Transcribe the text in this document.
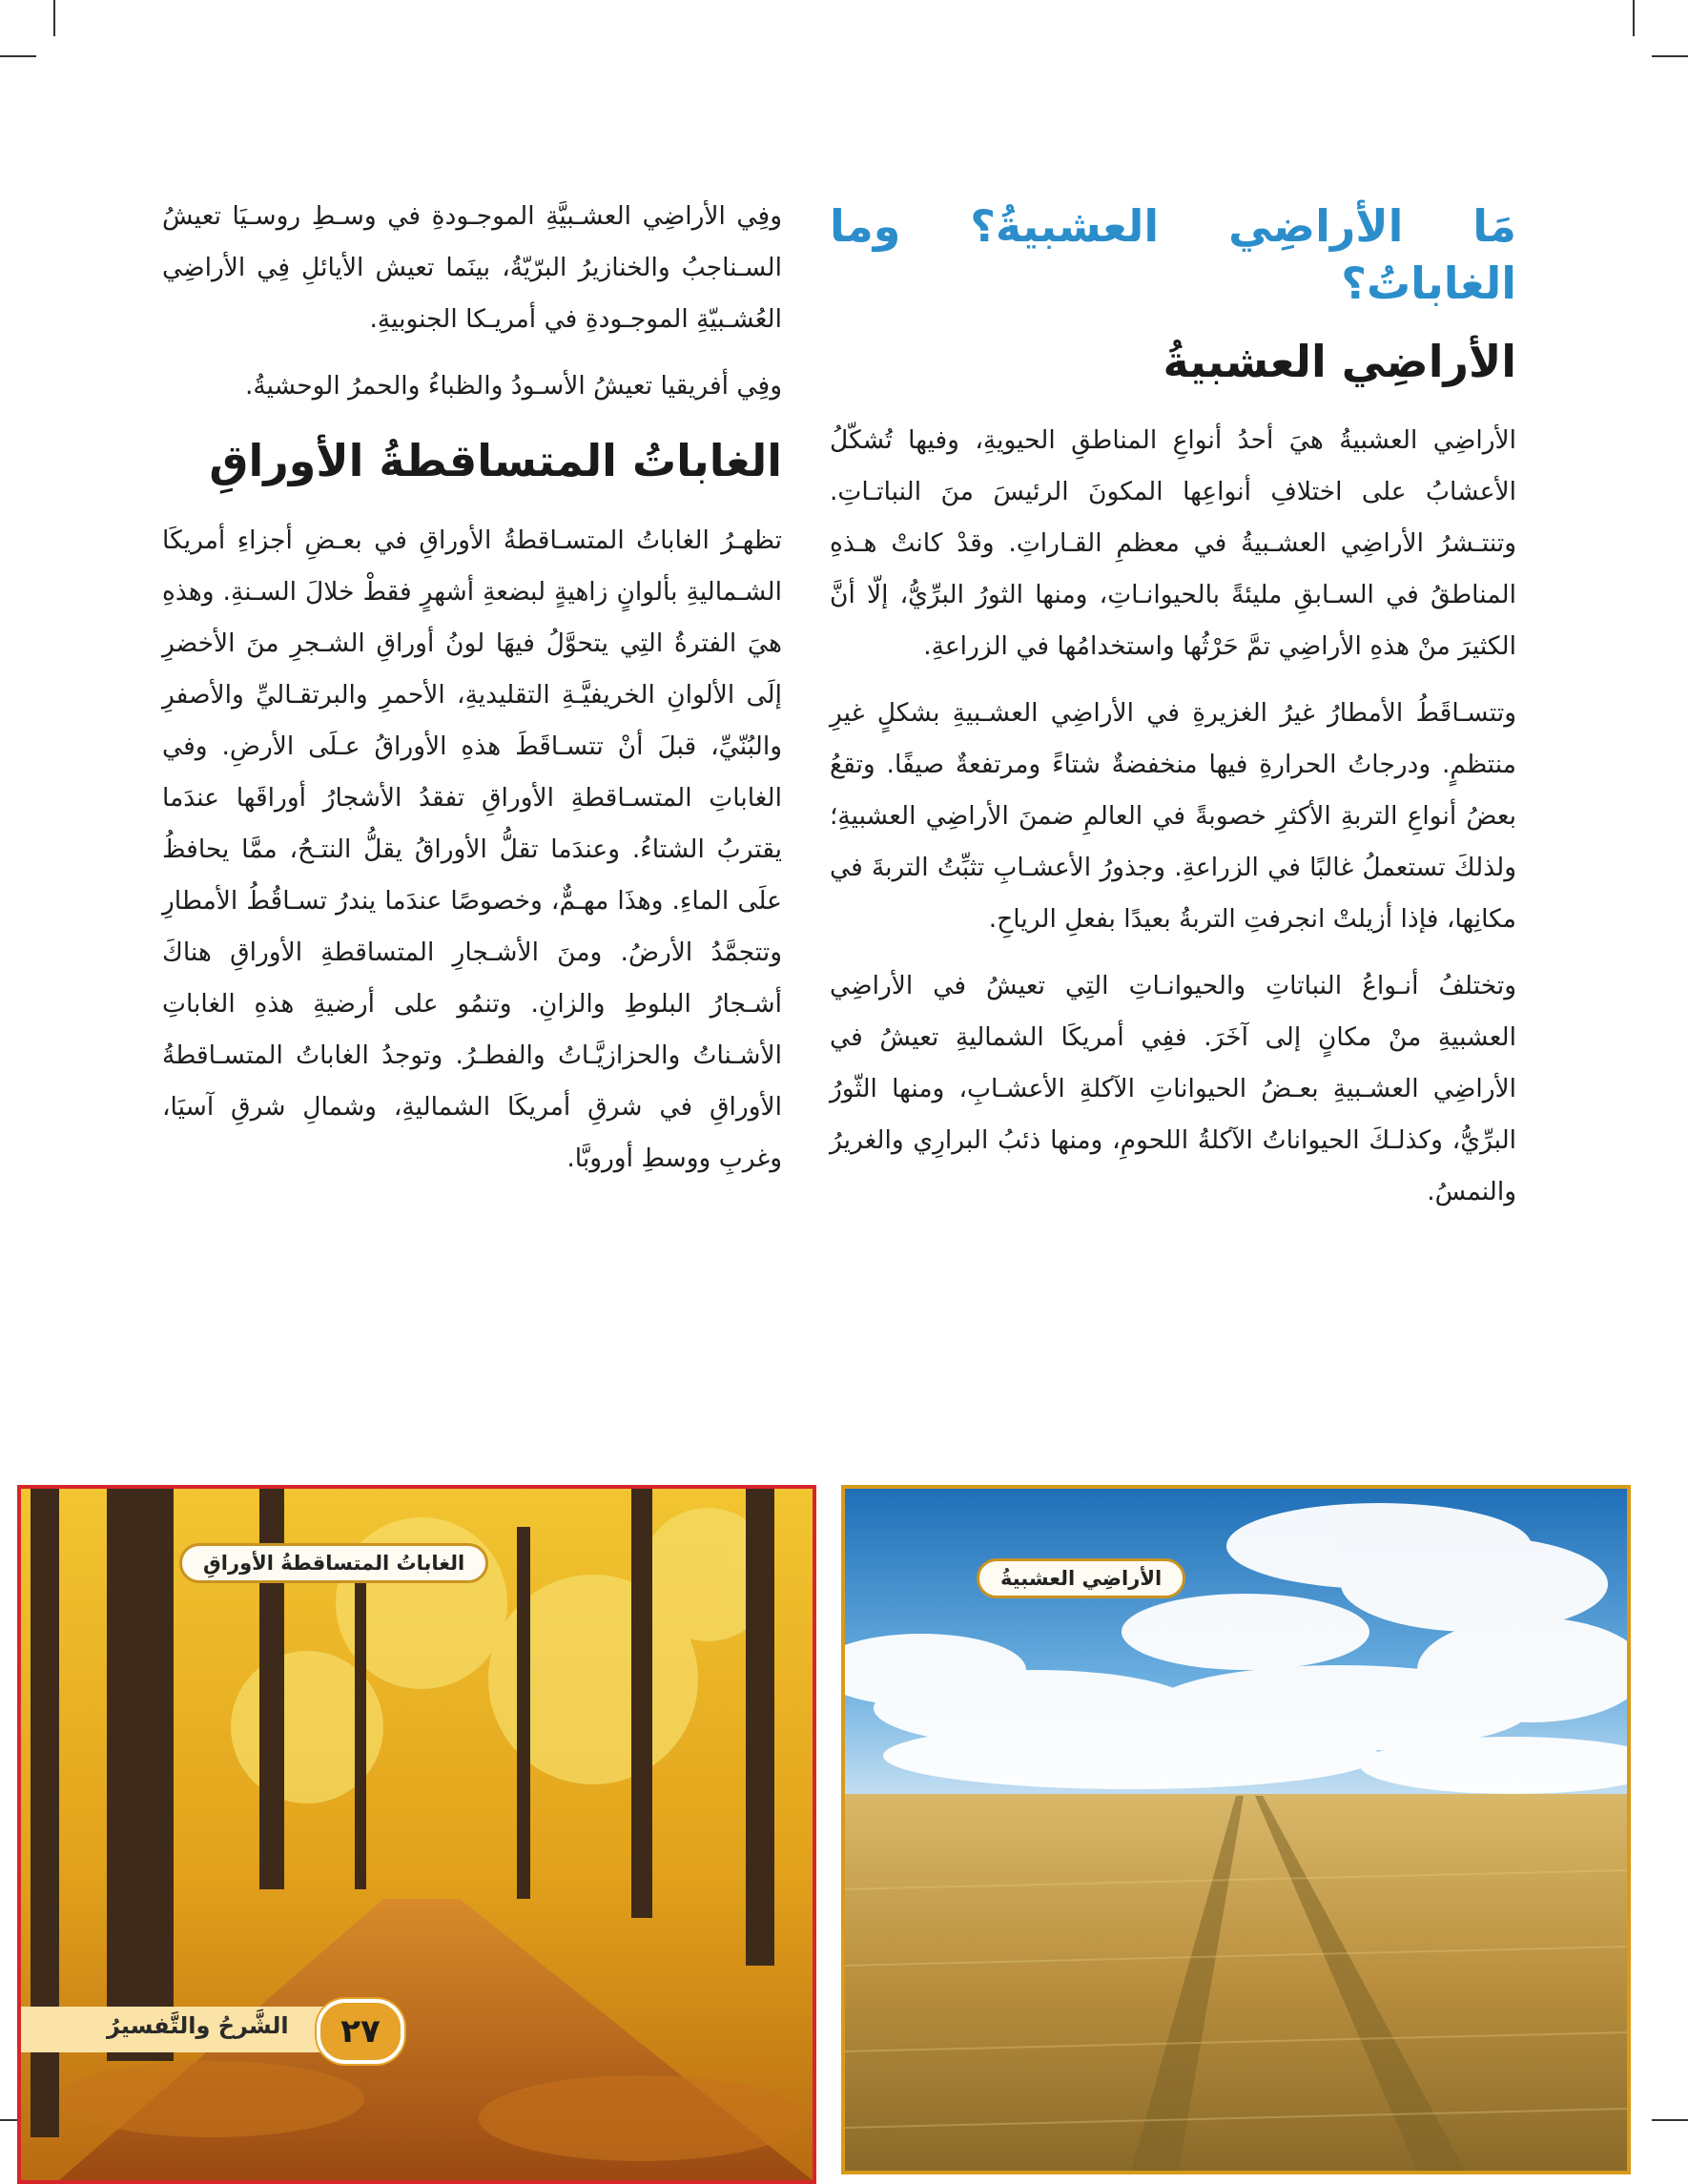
مَا الأراضِي العشبيةُ؟ وما الغاباتُ؟
الأراضِي العشبيةُ

الأراضِي العشبيةُ هيَ أحدُ أنواعِ المناطقِ الحيويةِ، وفيها تُشكّلُ الأعشابُ على اختلافِ أنواعِها المكونَ الرئيسَ منَ النباتـاتِ. وتنتـشرُ الأراضِي العشـبيةُ في معظمِ القـاراتِ. وقدْ كانتْ هـذهِ المناطقُ في السـابقِ مليئةً بالحيوانـاتِ، ومنها الثورُ البرِّيُّ، إلّا أنَّ الكثيرَ منْ هذهِ الأراضِي تمَّ حَرْثُها واستخدامُها في الزراعةِ.

وتتسـاقَطُ الأمطارُ غيرُ الغزيرةِ في الأراضِي العشـبيةِ بشكلٍ غيرِ منتظمٍ. ودرجاتُ الحرارةِ فيها منخفضةٌ شتاءً ومرتفعةٌ صيفًا. وتقعُ بعضُ أنواعِ التربةِ الأكثرِ خصوبةً في العالمِ ضمنَ الأراضِي العشبيةِ؛ ولذلكَ تستعملُ غالبًا في الزراعةِ. وجذورُ الأعشـابِ تثبِّتُ التربةَ في مكانِها، فإذا أزيلتْ انجرفتِ التربةُ بعيدًا بفعلِ الرياحِ.

وتختلفُ أنـواعُ النباتاتِ والحيوانـاتِ التِي تعيشُ في الأراضِي العشبيةِ منْ مكانٍ إلى آخَرَ. ففِي أمريكَا الشماليةِ تعيشُ في الأراضِي العشـبيةِ بعـضُ الحيواناتِ الآكلةِ الأعشـابِ، ومنها الثّورُ البرِّيُّ، وكذلـكَ الحيواناتُ الآكلةُ اللحومِ، ومنها ذئبُ البرارِي والغريرُ والنمسُ.

وفِي الأراضِي العشـبيَّةِ الموجـودةِ في وسـطِ روسـيَا تعيشُ السـناجبُ والخنازيرُ البرّيّةُ، بينَما تعيش الأيائلِ فِي الأراضِي العُشـبيّةِ الموجـودةِ في أمريـكا الجنوبيةِ.

وفِي أفريقيا تعيشُ الأسـودُ والظباءُ والحمرُ الوحشيةُ.

الغاباتُ المتساقطةُ الأوراقِ

تظهـرُ الغاباتُ المتسـاقطةُ الأوراقِ في بعـضِ أجزاءِ أمريكَا الشـماليةِ بألوانٍ زاهيةٍ لبضعةِ أشهرٍ فقطْ خلالَ السـنةِ. وهذهِ هيَ الفترةُ التِي يتحوَّلُ فيهَا لونُ أوراقِ الشـجرِ منَ الأخضرِ إلَى الألوانِ الخريفيَّـةِ التقليديةِ، الأحمرِ والبرتقـاليِّ والأصفرِ والبُنّيِّ، قبلَ أنْ تتسـاقَطَ هذهِ الأوراقُ عـلَى الأرضِ. وفي الغاباتِ المتسـاقطةِ الأوراقِ تفقدُ الأشجارُ أوراقَها عندَما يقتربُ الشتاءُ. وعندَما تقلُّ الأوراقُ يقلُّ النتـحُ، ممَّا يحافظُ علَى الماءِ. وهذَا مهـمٌّ، وخصوصًا عندَما يندرُ تسـاقُطُ الأمطارِ وتتجمَّدُ الأرضُ. ومنَ الأشـجارِ المتساقطةِ الأوراقِ هناكَ أشـجارُ البلوطِ والزانِ. وتنمُو على أرضيةِ هذهِ الغاباتِ الأشـناتُ والحزازيَّـاتُ والفطـرُ. وتوجدُ الغاباتُ المتسـاقطةُ الأوراقِ في شرقِ أمريكَا الشماليةِ، وشمالِ شرقِ آسيَا، وغربِ ووسطِ أوروبَّا.

الأراضِي العشبيةُ
الغاباتُ المتساقطةُ الأوراقِ
٢٧
الشَّرحُ والتَّفسيرُ
